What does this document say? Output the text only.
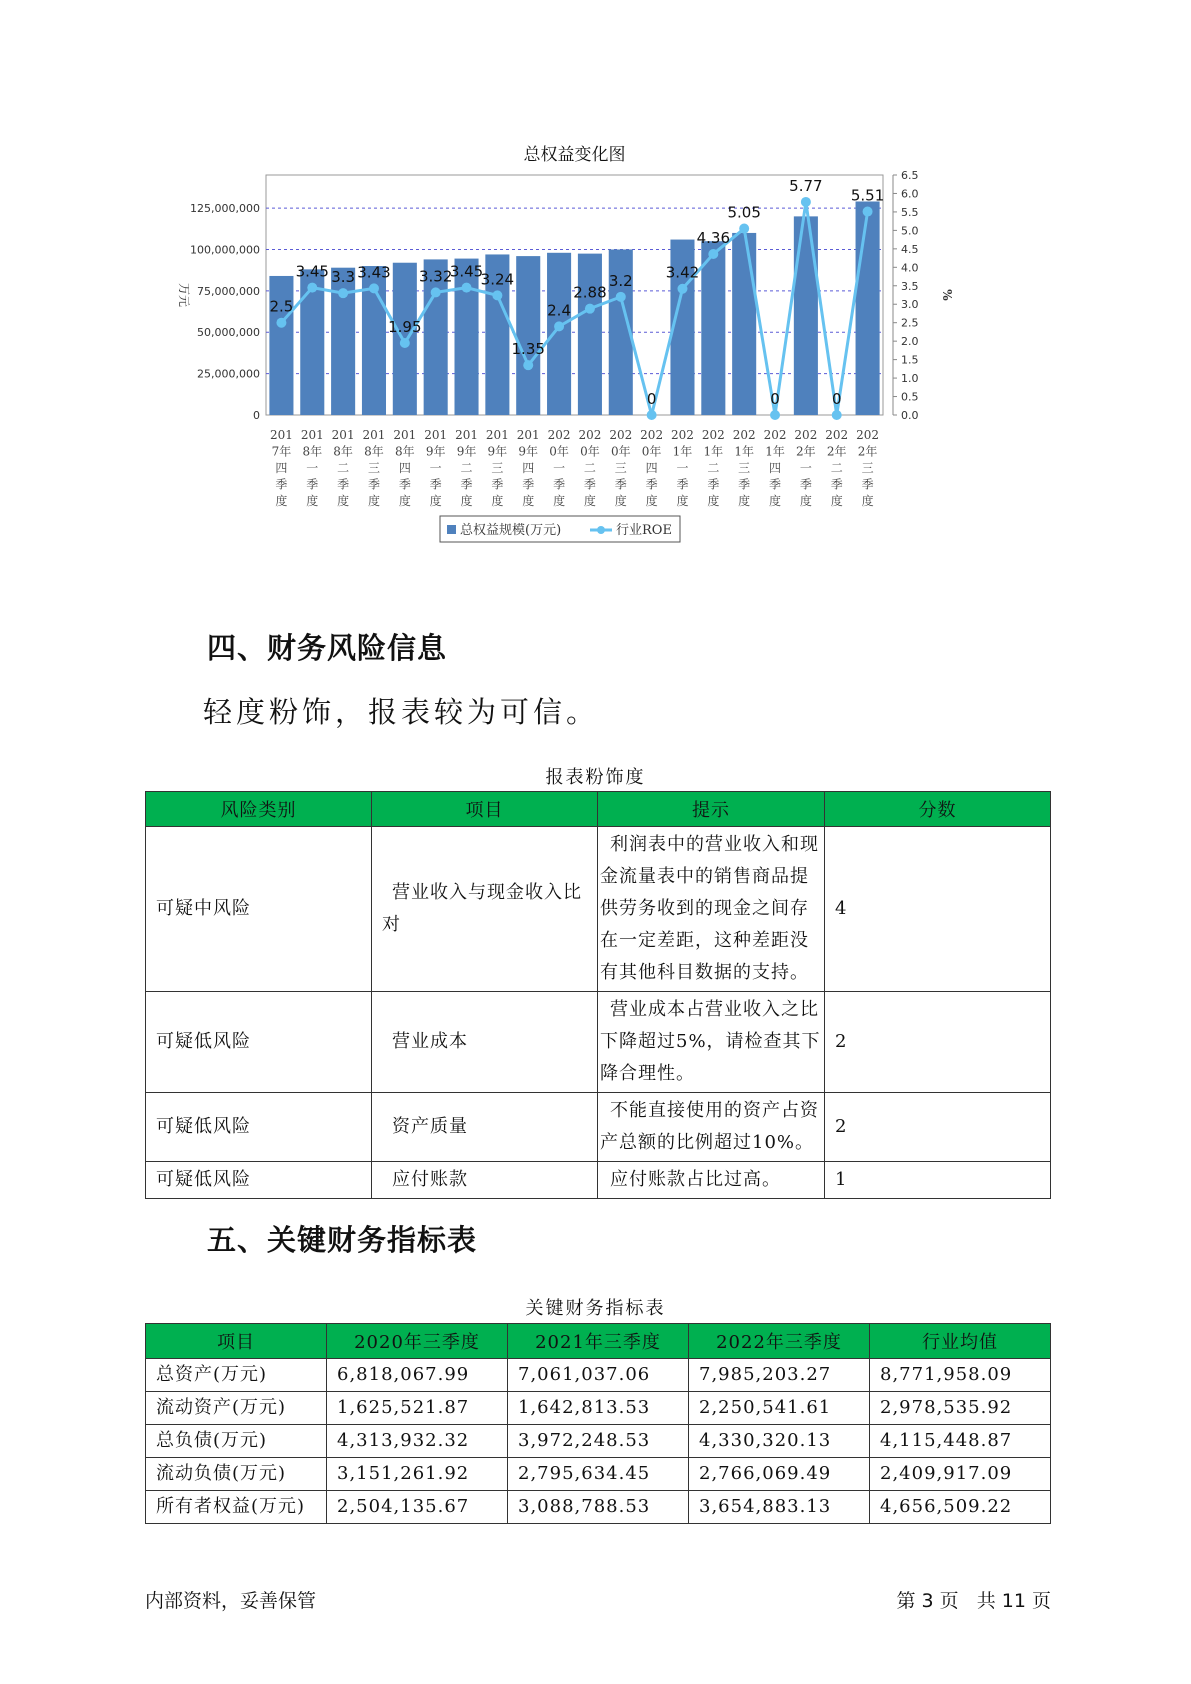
总权益变化图
0
25,000,000
50,000,000
75,000,000
100,000,000
125,000,000
0.0
0.5
1.0
1.5
2.0
2.5
3.0
3.5
4.0
4.5
5.0
5.5
6.0
6.5
万元	%
2.5
3.45 3.3 3.43
1.95
3.32
3.45
3.24
1.35
2.4
2.88
3.2
0
3.42
4.36
5.05
0
5.77
0
5.51
201
7年
四
季
度
201
8年
一
季
度
201
8年
二
季
度
201
8年
三
季
度
201
8年
四
季
度
201
9年
一
季
度
201
9年
二
季
度
201
9年
三
季
度
201
9年
四
季
度
202
0年
一
季
度
202
0年
二
季
度
202
0年
三
季
度
202
0年
四
季
度
202
1年
一
季
度
202
1年
二
季
度
202
1年
三
季
度
202
1年
四
季
度
202
2年
一
季
度
202
2年
二
季
度
202
2年
三
季
度
总权益规模(万元)	行业ROE
四、财务风险信息
轻度粉饰，报表较为可信。
报表粉饰度
风险类别	项目	提示	分数
可疑中风险	营业收入与现金收入比对	利润表中的营业收入和现金流量表中的销售商品提供劳务收到的现金之间存在一定差距，这种差距没有其他科目数据的支持。	4
可疑低风险	营业成本	营业成本占营业收入之比下降超过5%，请检查其下降合理性。	2
可疑低风险	资产质量	不能直接使用的资产占资产总额的比例超过10%。	2
可疑低风险	应付账款	应付账款占比过高。	1
五、关键财务指标表
关键财务指标表
项目	2020年三季度	2021年三季度	2022年三季度	行业均值
总资产(万元)	6,818,067.99	7,061,037.06	7,985,203.27	8,771,958.09
流动资产(万元)	1,625,521.87	1,642,813.53	2,250,541.61	2,978,535.92
总负债(万元)	4,313,932.32	3,972,248.53	4,330,320.13	4,115,448.87
流动负债(万元)	3,151,261.92	2,795,634.45	2,766,069.49	2,409,917.09
所有者权益(万元)	2,504,135.67	3,088,788.53	3,654,883.13	4,656,509.22
内部资料，妥善保管	第 3 页   共 11 页
